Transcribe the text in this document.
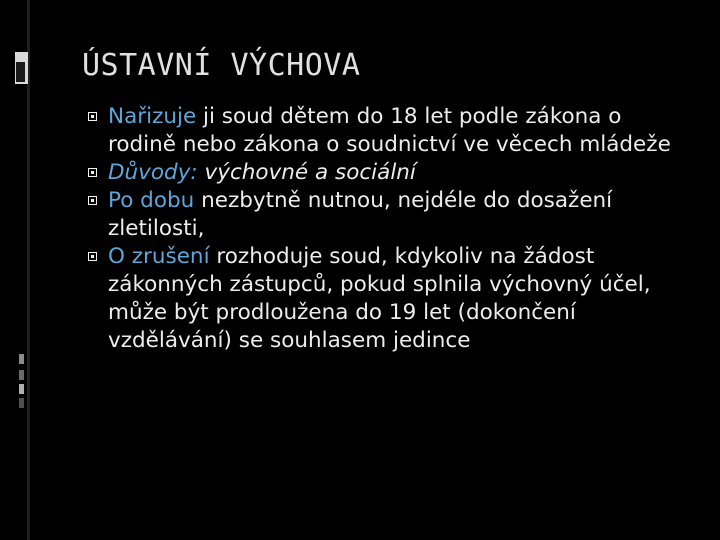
ÚSTAVNÍ VÝCHOVA
Nařizuje ji soud dětem do 18 let podle zákona o rodině nebo zákona o soudnictví ve věcech mládeže
Důvody: výchovné a sociální
Po dobu nezbytně nutnou, nejdéle do dosažení zletilosti,
O zrušení rozhoduje soud, kdykoliv na žádost zákonných zástupců, pokud splnila výchovný účel, může být prodloužena do 19 let (dokončení vzdělávání) se souhlasem jedince
